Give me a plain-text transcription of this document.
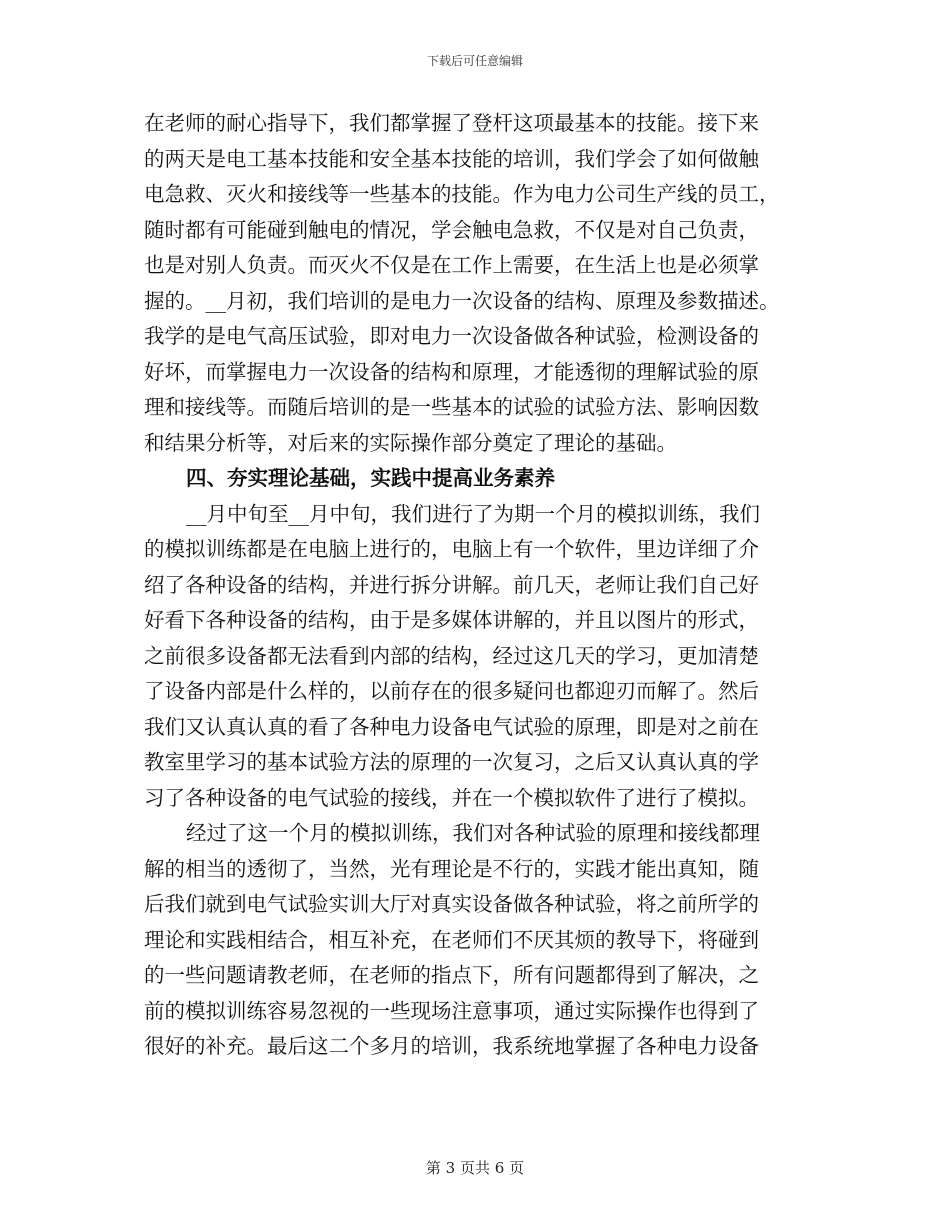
下载后可任意编辑
在老师的耐心指导下，我们都掌握了登杆这项最基本的技能。接下来
的两天是电工基本技能和安全基本技能的培训，我们学会了如何做触
电急救、灭火和接线等一些基本的技能。作为电力公司生产线的员工，
随时都有可能碰到触电的情况，学会触电急救，不仅是对自己负责，
也是对别人负责。而灭火不仅是在工作上需要，在生活上也是必须掌
握的。__月初，我们培训的是电力一次设备的结构、原理及参数描述。
我学的是电气高压试验，即对电力一次设备做各种试验，检测设备的
好坏，而掌握电力一次设备的结构和原理，才能透彻的理解试验的原
理和接线等。而随后培训的是一些基本的试验的试验方法、影响因数
和结果分析等，对后来的实际操作部分奠定了理论的基础。
四、夯实理论基础，实践中提高业务素养
__月中旬至__月中旬，我们进行了为期一个月的模拟训练，我们
的模拟训练都是在电脑上进行的，电脑上有一个软件，里边详细了介
绍了各种设备的结构，并进行拆分讲解。前几天，老师让我们自己好
好看下各种设备的结构，由于是多媒体讲解的，并且以图片的形式，
之前很多设备都无法看到内部的结构，经过这几天的学习，更加清楚
了设备内部是什么样的，以前存在的很多疑问也都迎刃而解了。然后
我们又认真认真的看了各种电力设备电气试验的原理，即是对之前在
教室里学习的基本试验方法的原理的一次复习，之后又认真认真的学
习了各种设备的电气试验的接线，并在一个模拟软件了进行了模拟。
经过了这一个月的模拟训练，我们对各种试验的原理和接线都理
解的相当的透彻了，当然，光有理论是不行的，实践才能出真知，随
后我们就到电气试验实训大厅对真实设备做各种试验，将之前所学的
理论和实践相结合，相互补充，在老师们不厌其烦的教导下，将碰到
的一些问题请教老师，在老师的指点下，所有问题都得到了解决，之
前的模拟训练容易忽视的一些现场注意事项，通过实际操作也得到了
很好的补充。最后这二个多月的培训，我系统地掌握了各种电力设备
第 3 页共 6 页
